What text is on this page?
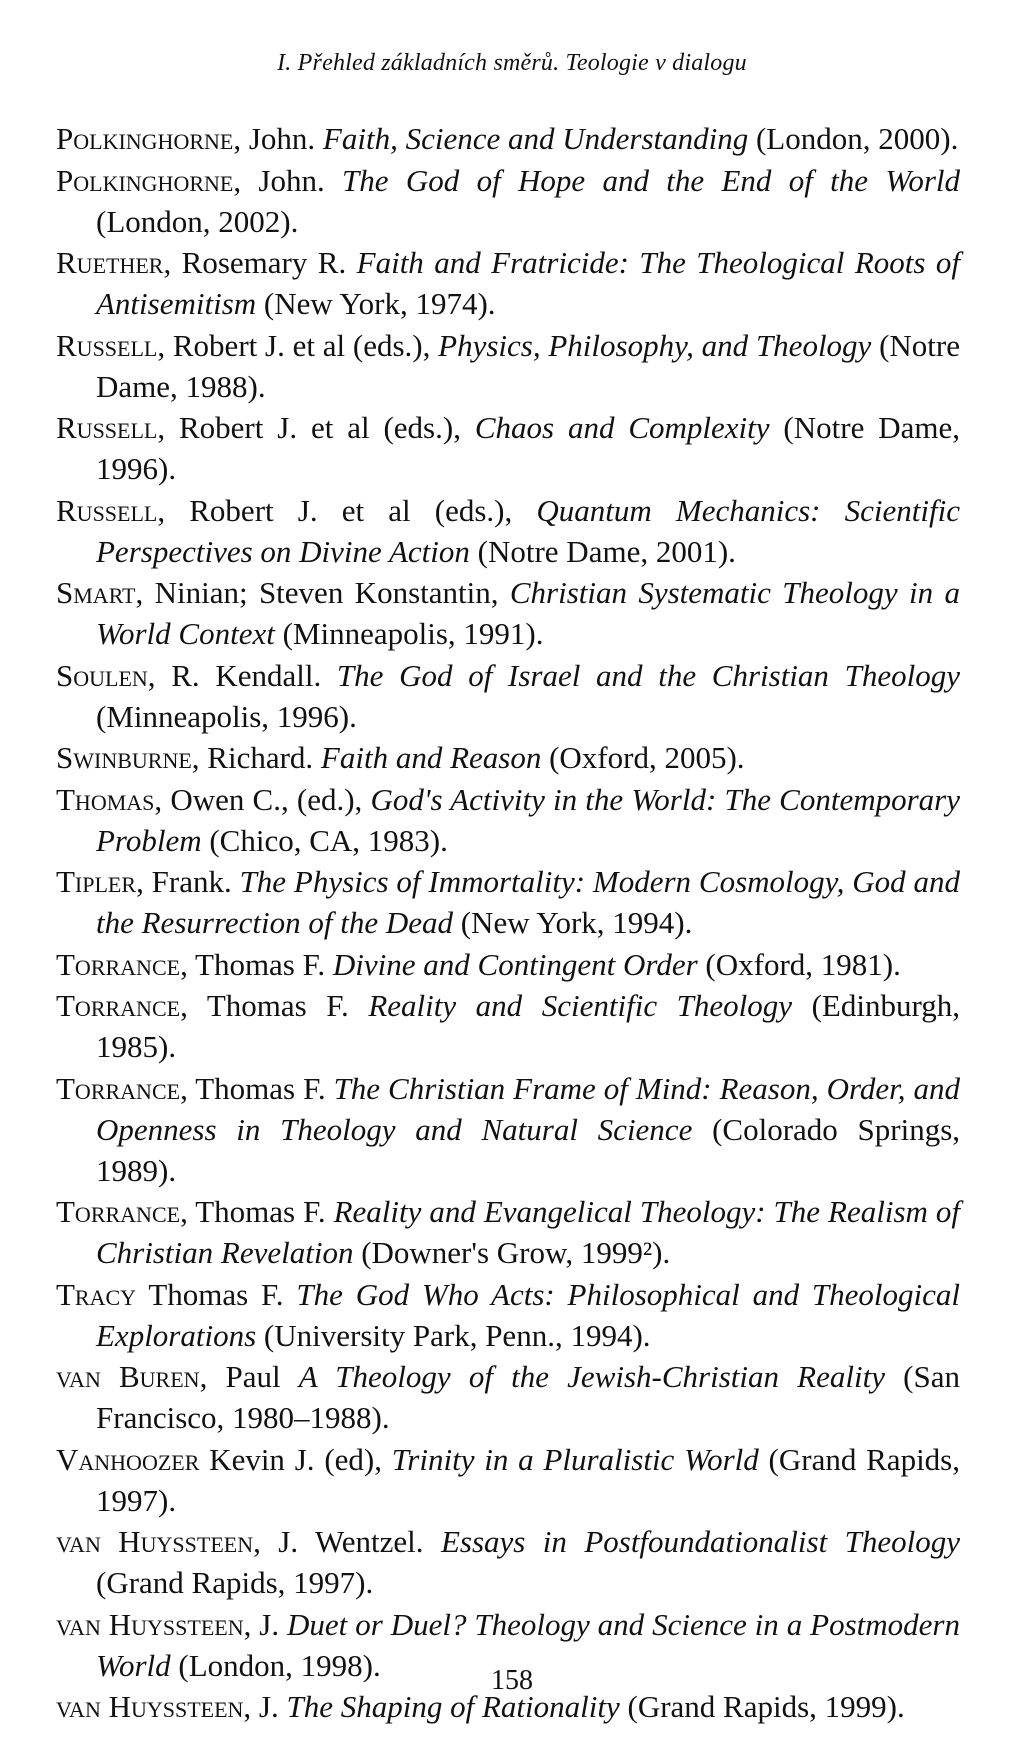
I. Přehled základních směrů. Teologie v dialogu

Polkinghorne, John. Faith, Science and Understanding (London, 2000).

Polkinghorne, John. The God of Hope and the End of the World (London, 2002).

Ruether, Rosemary R. Faith and Fratricide: The Theological Roots of Antisemitism (New York, 1974).

Russell, Robert J. et al (eds.), Physics, Philosophy, and Theology (Notre Dame, 1988).

Russell, Robert J. et al (eds.), Chaos and Complexity (Notre Dame, 1996).

Russell, Robert J. et al (eds.), Quantum Mechanics: Scientific Perspectives on Divine Action (Notre Dame, 2001).

Smart, Ninian; Steven Konstantin, Christian Systematic Theology in a World Context (Minneapolis, 1991).

Soulen, R. Kendall. The God of Israel and the Christian Theology (Minneapolis, 1996).

Swinburne, Richard. Faith and Reason (Oxford, 2005).

Thomas, Owen C., (ed.), God's Activity in the World: The Contemporary Problem (Chico, CA, 1983).

Tipler, Frank. The Physics of Immortality: Modern Cosmology, God and the Resurrection of the Dead (New York, 1994).

Torrance, Thomas F. Divine and Contingent Order (Oxford, 1981).

Torrance, Thomas F. Reality and Scientific Theology (Edinburgh, 1985).

Torrance, Thomas F. The Christian Frame of Mind: Reason, Order, and Openness in Theology and Natural Science (Colorado Springs, 1989).

Torrance, Thomas F. Reality and Evangelical Theology: The Realism of Christian Revelation (Downer's Grow, 1999²).

Tracy Thomas F. The God Who Acts: Philosophical and Theological Explorations (University Park, Penn., 1994).

van Buren, Paul A Theology of the Jewish-Christian Reality (San Francisco, 1980–1988).

Vanhoozer Kevin J. (ed), Trinity in a Pluralistic World (Grand Rapids, 1997).

van Huyssteen, J. Wentzel. Essays in Postfoundationalist Theology (Grand Rapids, 1997).

van Huyssteen, J. Duet or Duel? Theology and Science in a Postmodern World (London, 1998).

van Huyssteen, J. The Shaping of Rationality (Grand Rapids, 1999).

158
